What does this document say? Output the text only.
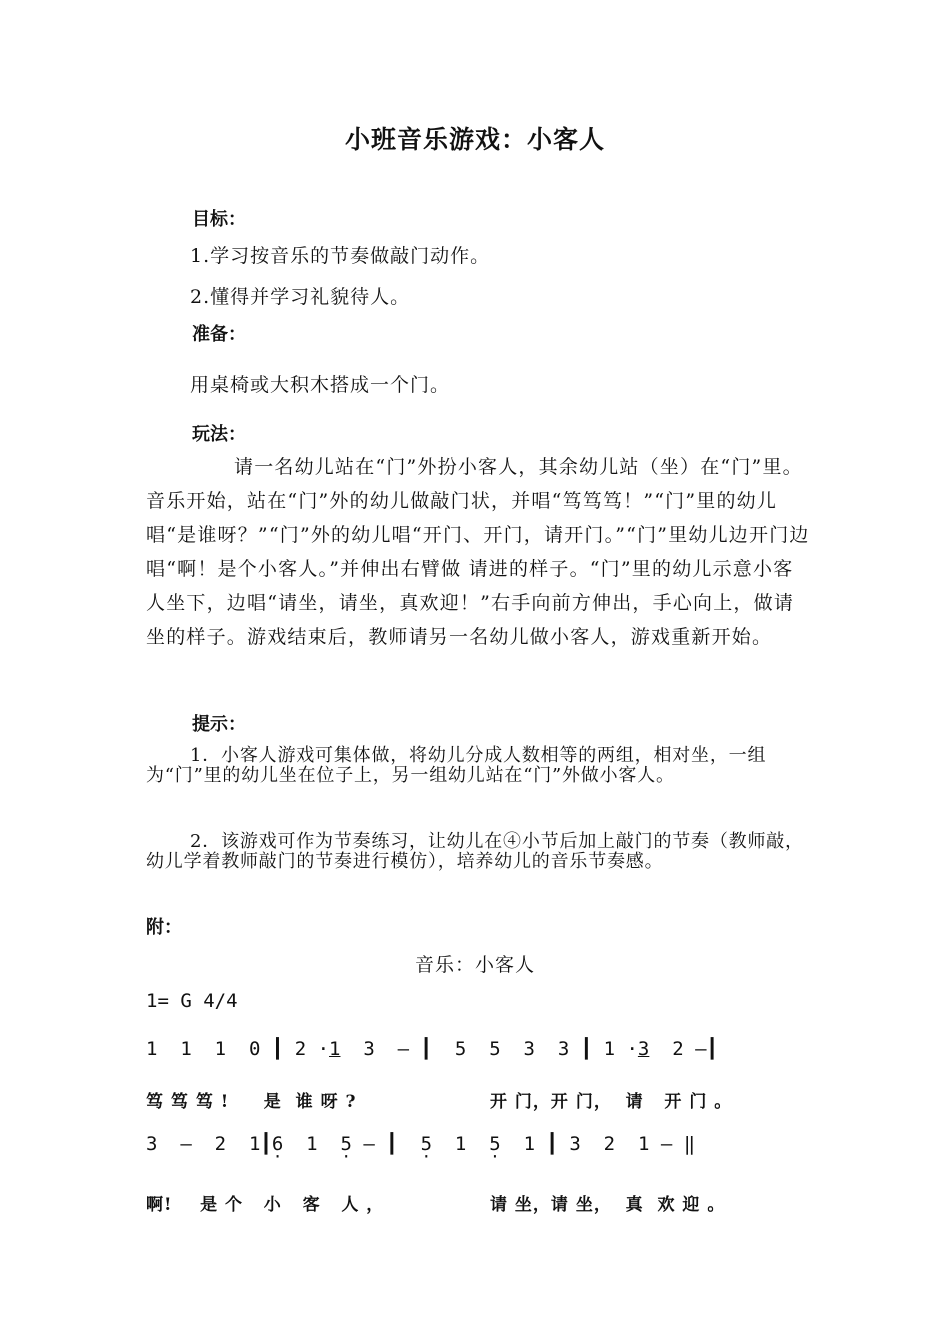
小班音乐游戏：小客人
目标：
1.学习按音乐的节奏做敲门动作。
2.懂得并学习礼貌待人。
准备：
用桌椅或大积木搭成一个门。
玩法：
请一名幼儿站在“门”外扮小客人，其余幼儿站（坐）在“门”里。音乐开始，站在“门”外的幼儿做敲门状，并唱“笃笃笃！”“门”里的幼儿唱“是谁呀？”“门”外的幼儿唱“开门、开门，请开门。”“门”里幼儿边开门边唱“啊！是个小客人。”并伸出右臂做 请进的样子。“门”里的幼儿示意小客人坐下，边唱“请坐，请坐，真欢迎！”右手向前方伸出，手心向上，做请坐的样子。游戏结束后，教师请另一名幼儿做小客人，游戏重新开始。
提示：
1．小客人游戏可集体做，将幼儿分成人数相等的两组，相对坐，一组为“门”里的幼儿坐在位子上，另一组幼儿站在“门”外做小客人。
2．该游戏可作为节奏练习，让幼儿在④小节后加上敲门的节奏（教师敲，幼儿学着教师敲门的节奏进行模仿），培养幼儿的音乐节奏感。
附：
音乐：小客人
1= G 4/4
1  1  1  0 ┃ 2 ·1  3  — ┃  5  5  3  3 ┃ 1 ·3  2 —┃
笃 笃 笃 !     是  谁 呀 ?	开 门，开 门，  请   开 门 。
3  —  2  1┃6 ·  1  5 · — ┃  5 ·  1  5 ·  1 ┃ 3  2  1 — ‖
啊!    是 个   小   客   人 ，	请 坐，请 坐，  真  欢 迎 。
